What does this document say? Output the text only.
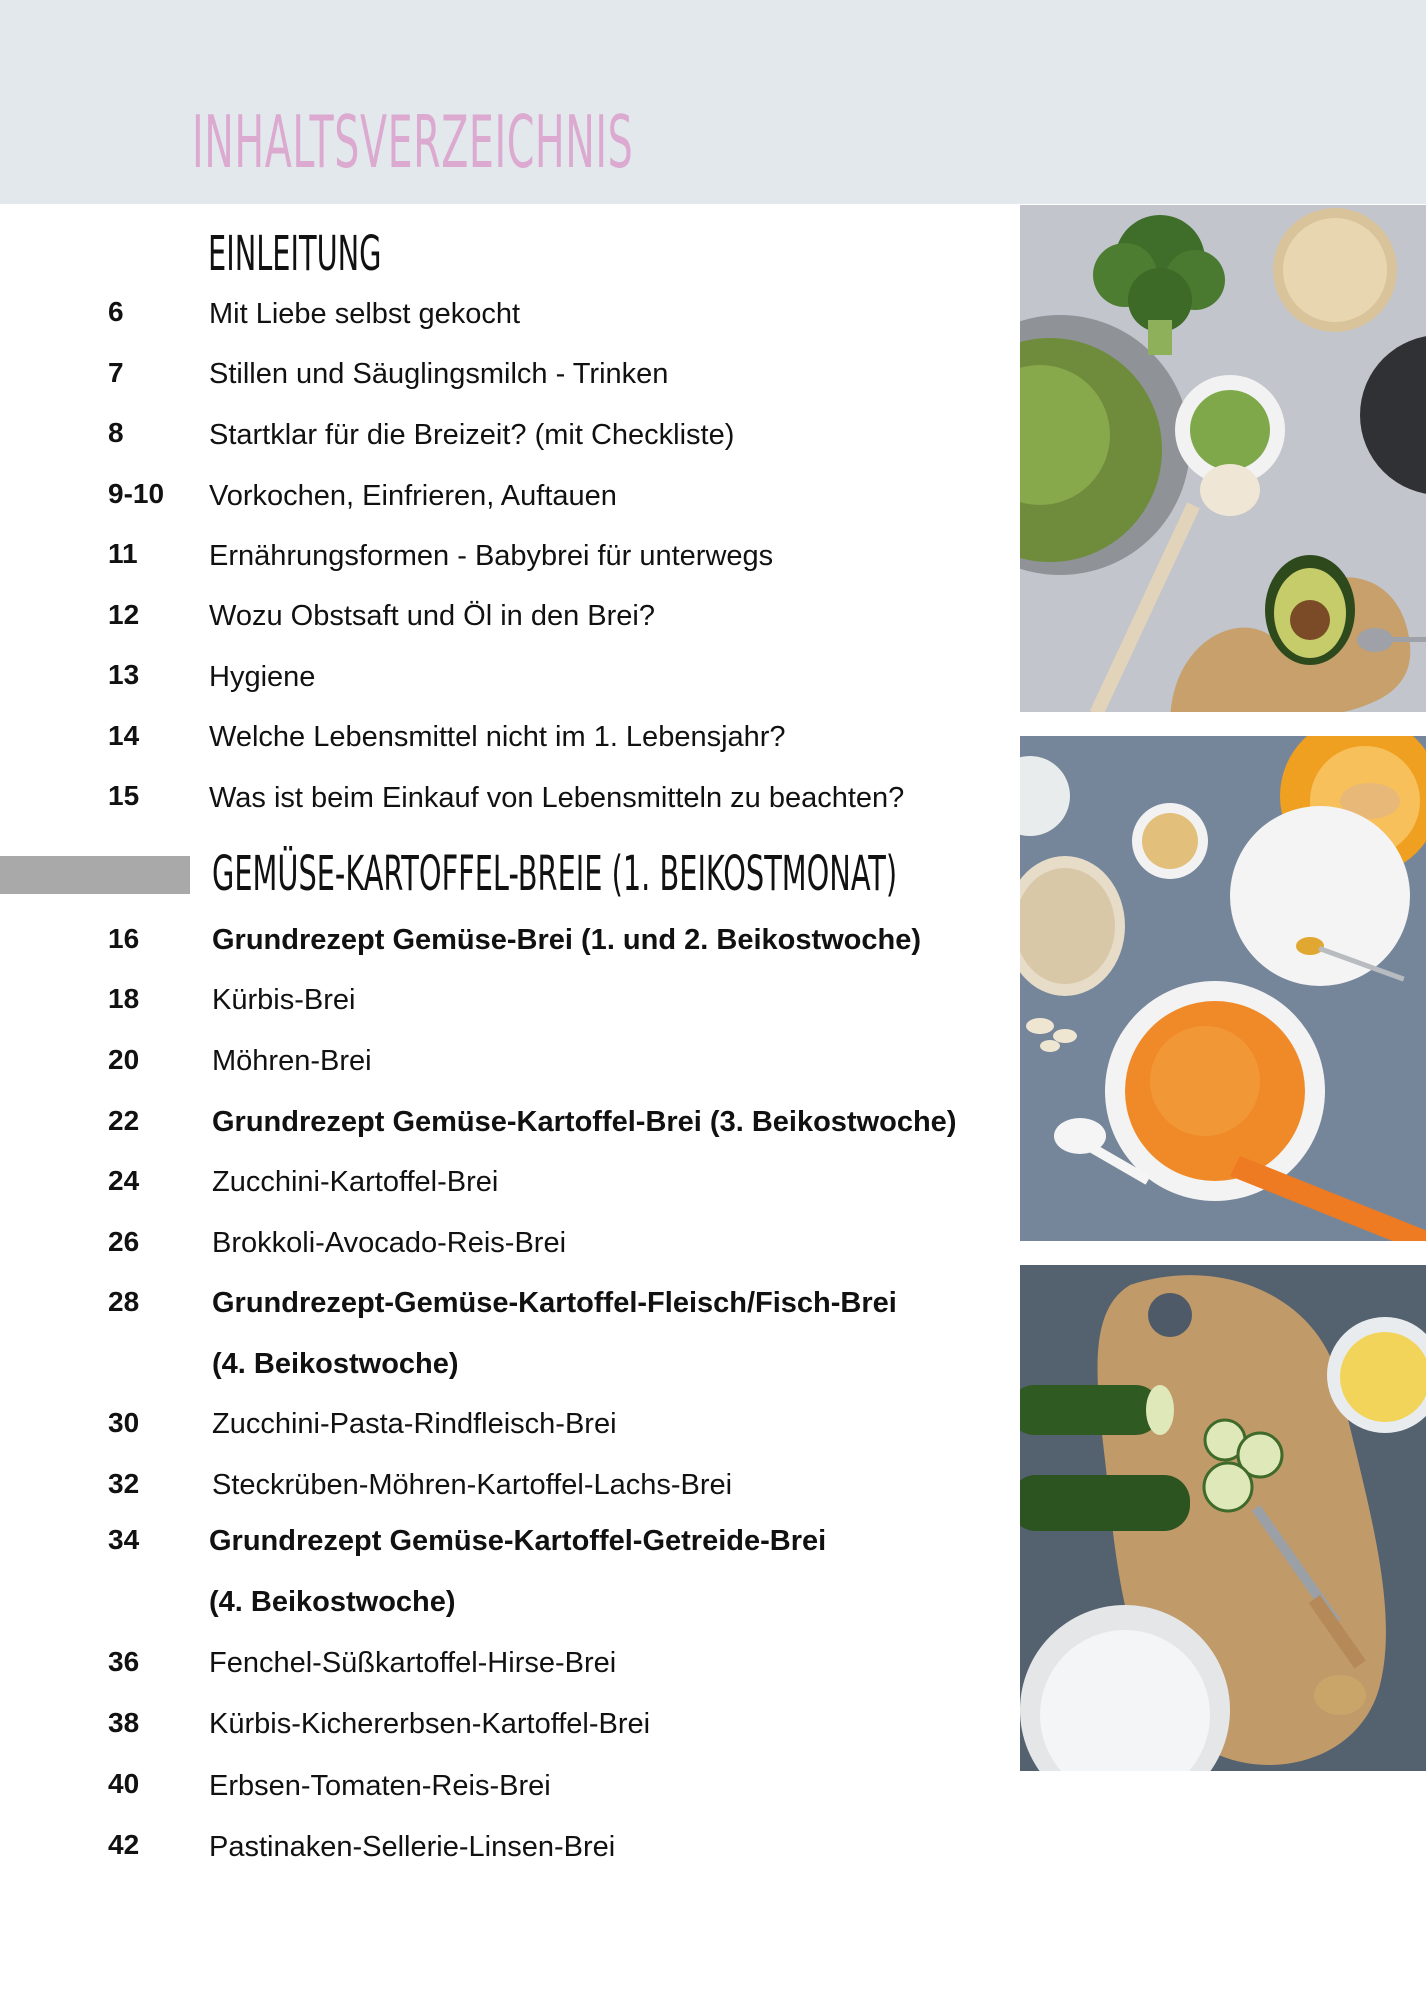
INHALTSVERZEICHNIS
EINLEITUNG
GEMÜSE-KARTOFFEL-BREIE (1. BEIKOSTMONAT)
6	Mit Liebe selbst gekocht
7	Stillen und Säuglingsmilch - Trinken
8	Startklar für die Breizeit? (mit Checkliste)
9-10 Vorkochen, Einfrieren, Auftauen
11 Ernährungsformen - Babybrei für unterwegs
12 Wozu Obstsaft und Öl in den Brei?
13 Hygiene
14 Welche Lebensmittel nicht im 1. Lebensjahr?
15 Was ist beim Einkauf von Lebensmitteln zu beachten?
16	Grundrezept Gemüse-Brei (1. und 2. Beikostwoche)
18	Kürbis-Brei
20	Möhren-Brei
22	Grundrezept Gemüse-Kartoffel-Brei (3. Beikostwoche)
24	Zucchini-Kartoffel-Brei
26	Brokkoli-Avocado-Reis-Brei
28	Grundrezept-Gemüse-Kartoffel-Fleisch/Fisch-Brei
(4. Beikostwoche)
30	Zucchini-Pasta-Rindfleisch-Brei
32	Steckrüben-Möhren-Kartoffel-Lachs-Brei
34 Grundrezept Gemüse-Kartoffel-Getreide-Brei
(4. Beikostwoche)
36 Fenchel-Süßkartoffel-Hirse-Brei
38 Kürbis-Kichererbsen-Kartoffel-Brei
40 Erbsen-Tomaten-Reis-Brei
42 Pastinaken-Sellerie-Linsen-Brei
